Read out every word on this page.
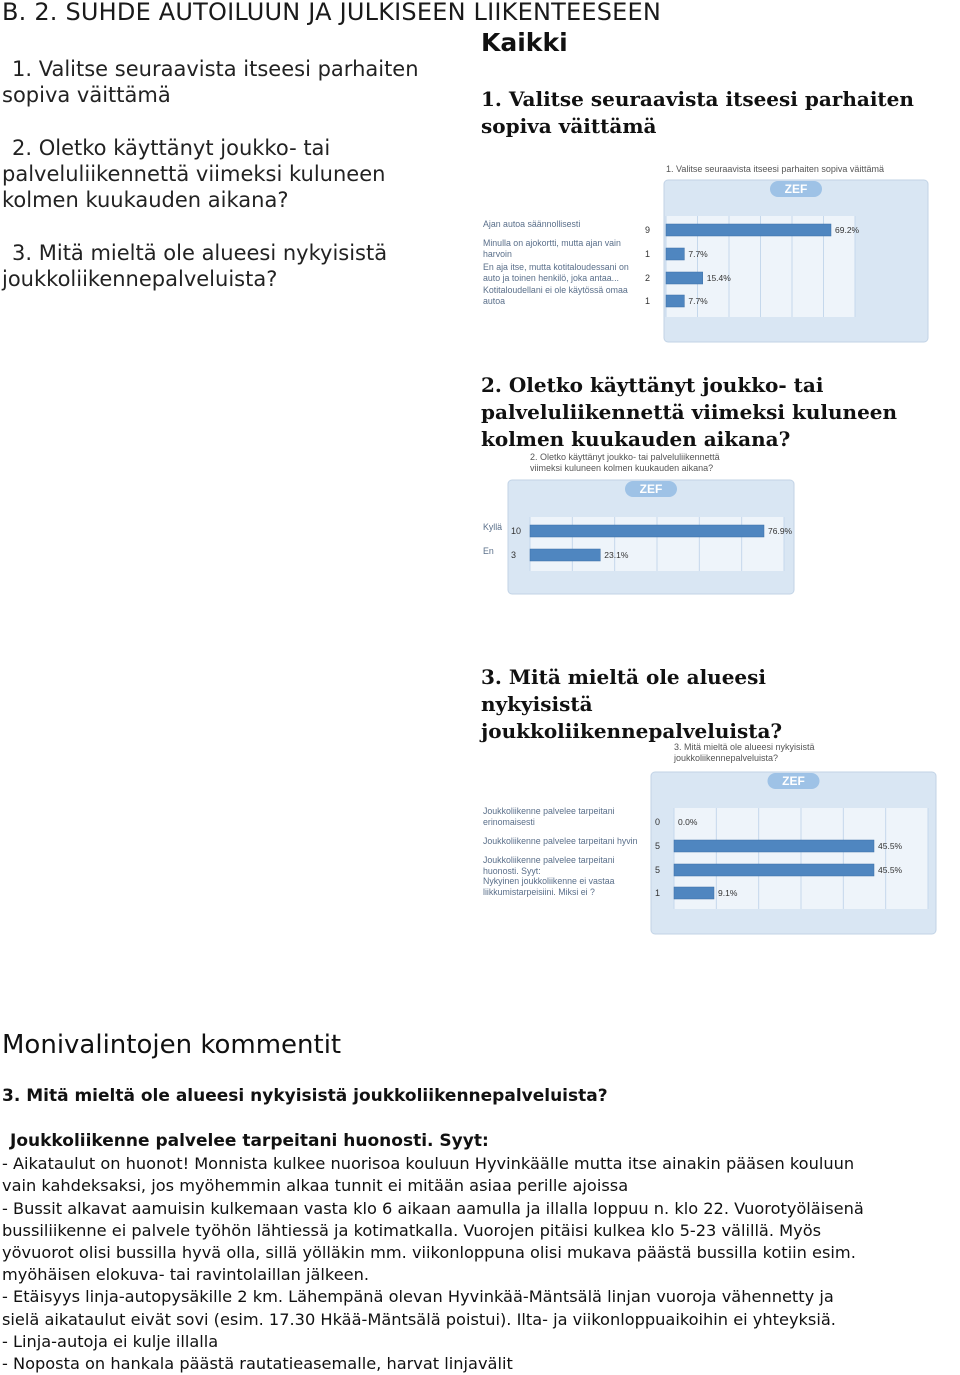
B. 2. SUHDE AUTOILUUN JA JULKISEEN LIIKENTEESEEN
Kaikki
1. Valitse seuraavista itseesi parhaiten
sopiva väittämä
2. Oletko käyttänyt joukko- tai
palveluliikennettä viimeksi kuluneen
kolmen kuukauden aikana?
3. Mitä mieltä ole alueesi nykyisistä
joukkoliikennepalveluista?
1. Valitse seuraavista itseesi parhaiten sopiva väittämä
2. Oletko käyttänyt joukko- tai palveluliikennettä viimeksi kuluneen kolmen kuukauden aikana?
3. Mitä mieltä ole alueesi nykyisistä joukkoliikennepalveluista?
1. Valitse seuraavista itseesi parhaiten sopiva väittämä
ZEF
69.2%
9
Ajan autoa säännollisesti
7.7%
1
Minulla on ajokortti, mutta ajan vain
harvoin
15.4%
2
En aja itse, mutta kotitaloudessani on
auto ja toinen henkilö, joka antaa...
7.7%
1
Kotitaloudellani ei ole käytössä omaa
autoa
2. Oletko käyttänyt joukko- tai palveluliikennettä
viimeksi kuluneen kolmen kuukauden aikana?
ZEF
76.9%
10
Kyllä
23.1%
3
En
3. Mitä mieltä ole alueesi nykyisistä
joukkoliikennepalveluista?
ZEF
0.0%
0
Joukkoliikenne palvelee tarpeitani
erinomaisesti
45.5%
5
Joukkoliikenne palvelee tarpeitani hyvin
45.5%
5
Joukkoliikenne palvelee tarpeitani
huonosti. Syyt:
9.1%
1
Nykyinen joukkoliikenne ei vastaa
liikkumistarpeisiini. Miksi ei ?
Monivalintojen kommentit
3. Mitä mieltä ole alueesi nykyisistä joukkoliikennepalveluista?
Joukkoliikenne palvelee tarpeitani huonosti. Syyt:
- Aikataulut on huonot! Monnista kulkee nuorisoa kouluun Hyvinkäälle mutta itse ainakin pääsen kouluun
vain kahdeksaksi, jos myöhemmin alkaa tunnit ei mitään asiaa perille ajoissa
- Bussit alkavat aamuisin kulkemaan vasta klo 6 aikaan aamulla ja illalla loppuu n. klo 22. Vuorotyöläisenä
bussiliikenne ei palvele työhön lähtiessä ja kotimatkalla. Vuorojen pitäisi kulkea klo 5-23 välillä. Myös
yövuorot olisi bussilla hyvä olla, sillä yölläkin mm. viikonloppuna olisi mukava päästä bussilla kotiin esim.
myöhäisen elokuva- tai ravintolaillan jälkeen.
- Etäisyys linja-autopysäkille 2 km. Lähempänä olevan Hyvinkää-Mäntsälä linjan vuoroja vähennetty ja
sielä aikataulut eivät sovi (esim. 17.30 Hkää-Mäntsälä poistui). Ilta- ja viikonloppuaikoihin ei yhteyksiä.
- Linja-autoja ei kulje illalla
- Noposta on hankala päästä rautatieasemalle, harvat linjavälit
